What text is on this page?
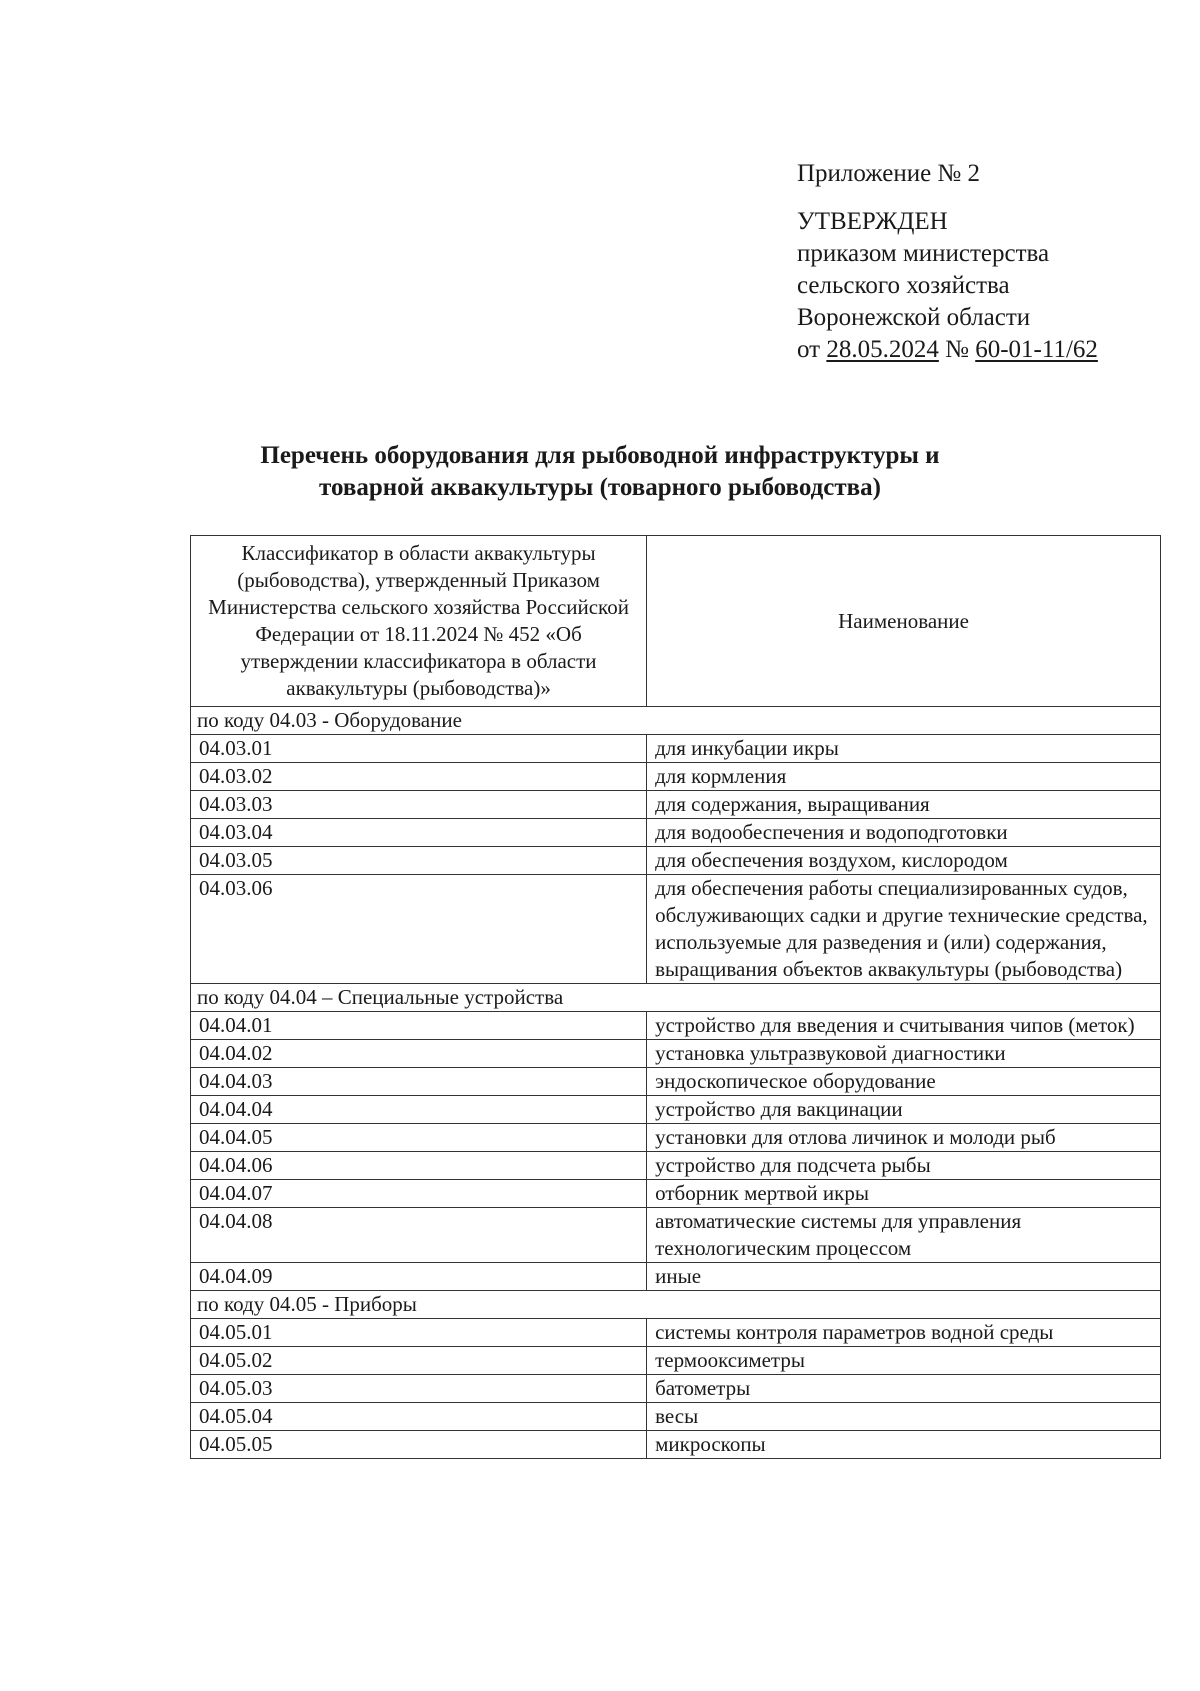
Приложение № 2
УТВЕРЖДЕН
приказом министерства
сельского хозяйства
Воронежской области
от 28.05.2024 № 60-01-11/62
Перечень оборудования для рыбоводной инфраструктуры и
товарной аквакультуры (товарного рыбоводства)
Классификатор в области аквакультуры (рыбоводства), утвержденный Приказом Министерства сельского хозяйства Российской Федерации от 18.11.2024 № 452 «Об утверждении классификатора в области аквакультуры (рыбоводства)»	Наименование
по коду 04.03 - Оборудование	
04.03.01	для инкубации икры
04.03.02	для кормления
04.03.03	для содержания, выращивания
04.03.04	для водообеспечения и водоподготовки
04.03.05	для обеспечения воздухом, кислородом
04.03.06	для обеспечения работы специализированных судов, обслуживающих садки и другие технические средства, используемые для разведения и (или) содержания, выращивания объектов аквакультуры (рыбоводства)
по коду 04.04 – Специальные устройства	
04.04.01	устройство для введения и считывания чипов (меток)
04.04.02	установка ультразвуковой диагностики
04.04.03	эндоскопическое оборудование
04.04.04	устройство для вакцинации
04.04.05	установки для отлова личинок и молоди рыб
04.04.06	устройство для подсчета рыбы
04.04.07	отборник мертвой икры
04.04.08	автоматические системы для управления технологическим процессом
04.04.09	иные
по коду 04.05 - Приборы	
04.05.01	системы контроля параметров водной среды
04.05.02	термооксиметры
04.05.03	батометры
04.05.04	весы
04.05.05	микроскопы
